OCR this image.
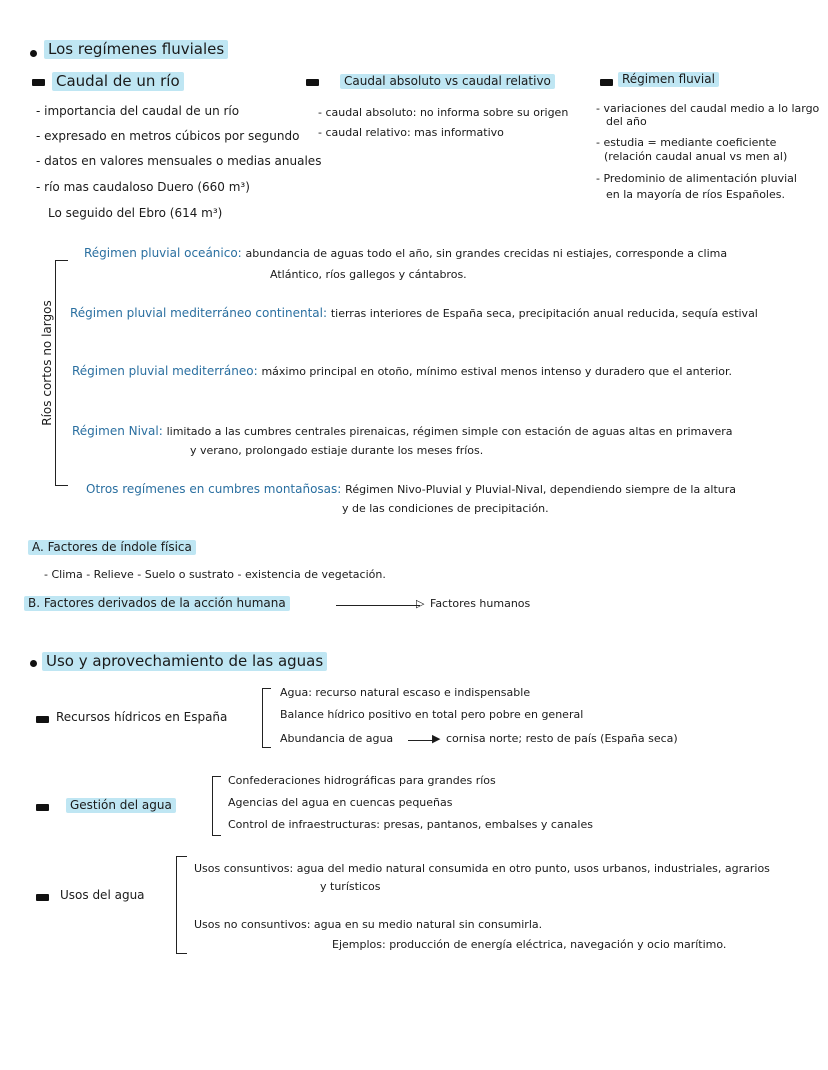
Los regímenes fluviales
Caudal de un río
- importancia del caudal de un río
- expresado en metros cúbicos por segundo
- datos en valores mensuales o medias anuales
- río mas caudaloso Duero (660 m³)
Lo seguido del Ebro (614 m³)
Caudal absoluto vs caudal relativo
- caudal absoluto: no informa sobre su origen
- caudal relativo: mas informativo
Régimen fluvial
- variaciones del caudal medio a lo largo
del año
- estudia = mediante coeficiente
(relación caudal anual vs men al)
- Predominio de alimentación pluvial
en la mayoría de ríos Españoles.
Ríos cortos no largos
Régimen pluvial oceánico: abundancia de aguas todo el año, sin grandes crecidas ni estiajes, corresponde a clima
Atlántico, ríos gallegos y cántabros.
Régimen pluvial mediterráneo continental: tierras interiores de España seca, precipitación anual reducida, sequía estival
Régimen pluvial mediterráneo: máximo principal en otoño, mínimo estival menos intenso y duradero que el anterior.
Régimen Nival: limitado a las cumbres centrales pirenaicas, régimen simple con estación de aguas altas en primavera
y verano, prolongado estiaje durante los meses fríos.
Otros regímenes en cumbres montañosas: Régimen Nivo-Pluvial y Pluvial-Nival, dependiendo siempre de la altura
y de las condiciones de precipitación.
A. Factores de índole física
- Clima - Relieve - Suelo o sustrato - existencia de vegetación.
B. Factores derivados de la acción humana	▷ Factores humanos
Uso y aprovechamiento de las aguas
Recursos hídricos en España
Agua: recurso natural escaso e indispensable
Balance hídrico positivo en total pero pobre en general
Abundancia de agua	▶ cornisa norte; resto de país (España seca)
Gestión del agua
Confederaciones hidrográficas para grandes ríos
Agencias del agua en cuencas pequeñas
Control de infraestructuras: presas, pantanos, embalses y canales
Usos del agua
Usos consuntivos: agua del medio natural consumida en otro punto, usos urbanos, industriales, agrarios
y turísticos
Usos no consuntivos: agua en su medio natural sin consumirla.
Ejemplos: producción de energía eléctrica, navegación y ocio marítimo.
